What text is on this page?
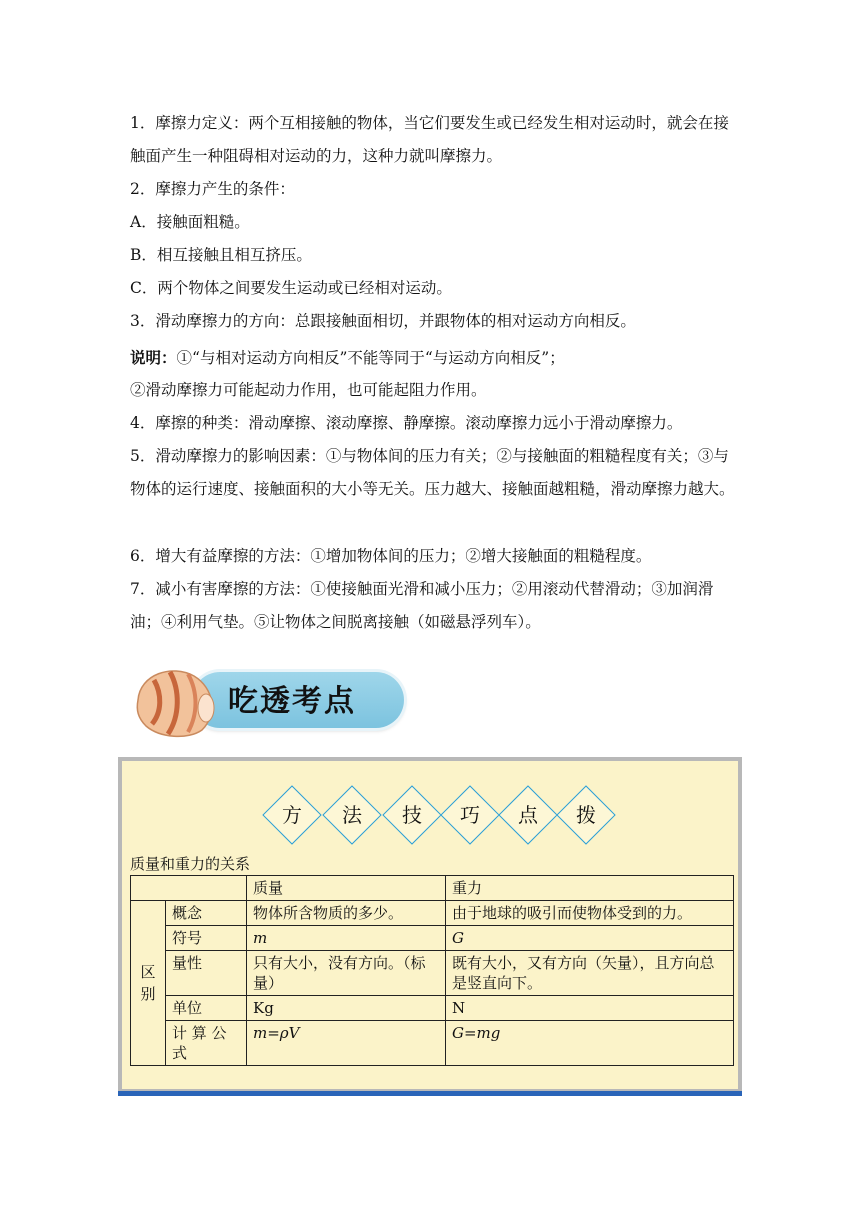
1．摩擦力定义：两个互相接触的物体，当它们要发生或已经发生相对运动时，就会在接触面产生一种阻碍相对运动的力，这种力就叫摩擦力。

2．摩擦力产生的条件：

A．接触面粗糙。

B．相互接触且相互挤压。

C．两个物体之间要发生运动或已经相对运动。

3．滑动摩擦力的方向：总跟接触面相切，并跟物体的相对运动方向相反。

说明：①“与相对运动方向相反”不能等同于“与运动方向相反”；

②滑动摩擦力可能起动力作用，也可能起阻力作用。

4．摩擦的种类：滑动摩擦、滚动摩擦、静摩擦。滚动摩擦力远小于滑动摩擦力。

5．滑动摩擦力的影响因素：①与物体间的压力有关；②与接触面的粗糙程度有关；③与物体的运行速度、接触面积的大小等无关。压力越大、接触面越粗糙，滑动摩擦力越大。

6．增大有益摩擦的方法：①增加物体间的压力；②增大接触面的粗糙程度。

7．减小有害摩擦的方法：①使接触面光滑和减小压力；②用滚动代替滑动；③加润滑油；④利用气垫。⑤让物体之间脱离接触（如磁悬浮列车）。

吃透考点
方	法	技	巧	点	拨
质量和重力的关系
		质量	重力
区别	概念	物体所含物质的多少。	由于地球的吸引而使物体受到的力。
	符号	m	G
	量性	只有大小，没有方向。（标量）	既有大小，又有方向（矢量），且方向总是竖直向下。
	单位	Kg	N
	计 算 公式	m=ρV	G=mg
